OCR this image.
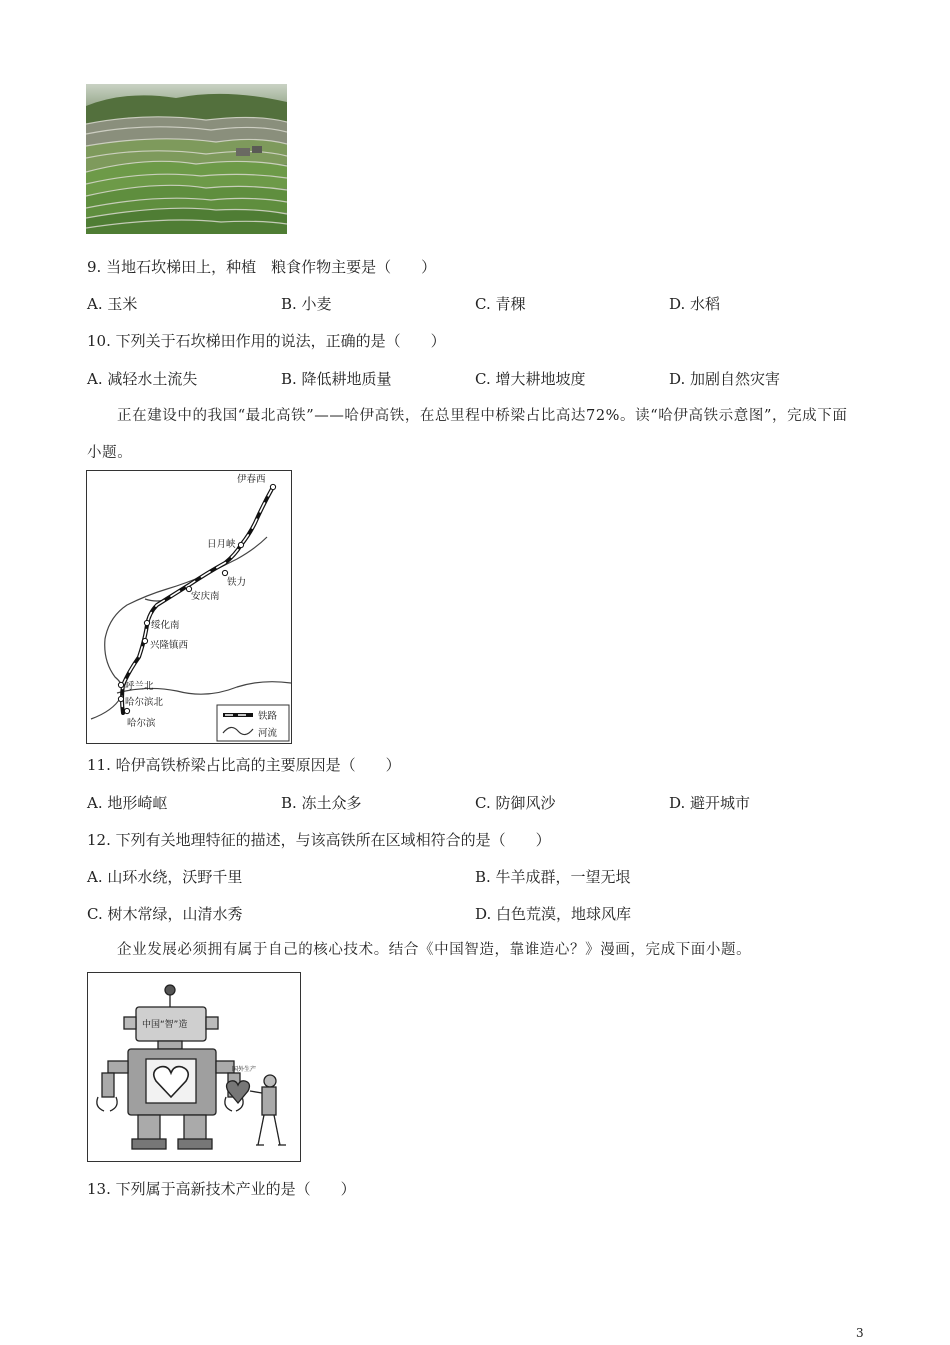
9. 当地石坎梯田上，种植　粮食作物主要是（　　）
A. 玉米	B. 小麦	C. 青稞	D. 水稻
10. 下列关于石坎梯田作用的说法，正确的是（　　）
A. 减轻水土流失	B. 降低耕地质量	C. 增大耕地坡度	D. 加剧自然灾害
正在建设中的我国“最北高铁”——哈伊高铁，在总里程中桥梁占比高达72%。读“哈伊高铁示意图”，完成下面小题。
伊春西
日月峡
铁力
安庆南
绥化南
兴隆镇西
呼兰北
哈尔滨北
哈尔滨
铁路
河流
11. 哈伊高铁桥梁占比高的主要原因是（　　）
A. 地形崎岖	B. 冻土众多	C. 防御风沙	D. 避开城市
12. 下列有关地理特征的描述，与该高铁所在区域相符合的是（　　）
A. 山环水绕，沃野千里	B. 牛羊成群，一望无垠
C. 树木常绿，山清水秀	D. 白色荒漠，地球风库
企业发展必须拥有属于自己的核心技术。结合《中国智造，靠谁造心？》漫画，完成下面小题。
中国“智”造
国外生产
13. 下列属于高新技术产业的是（　　）
3
